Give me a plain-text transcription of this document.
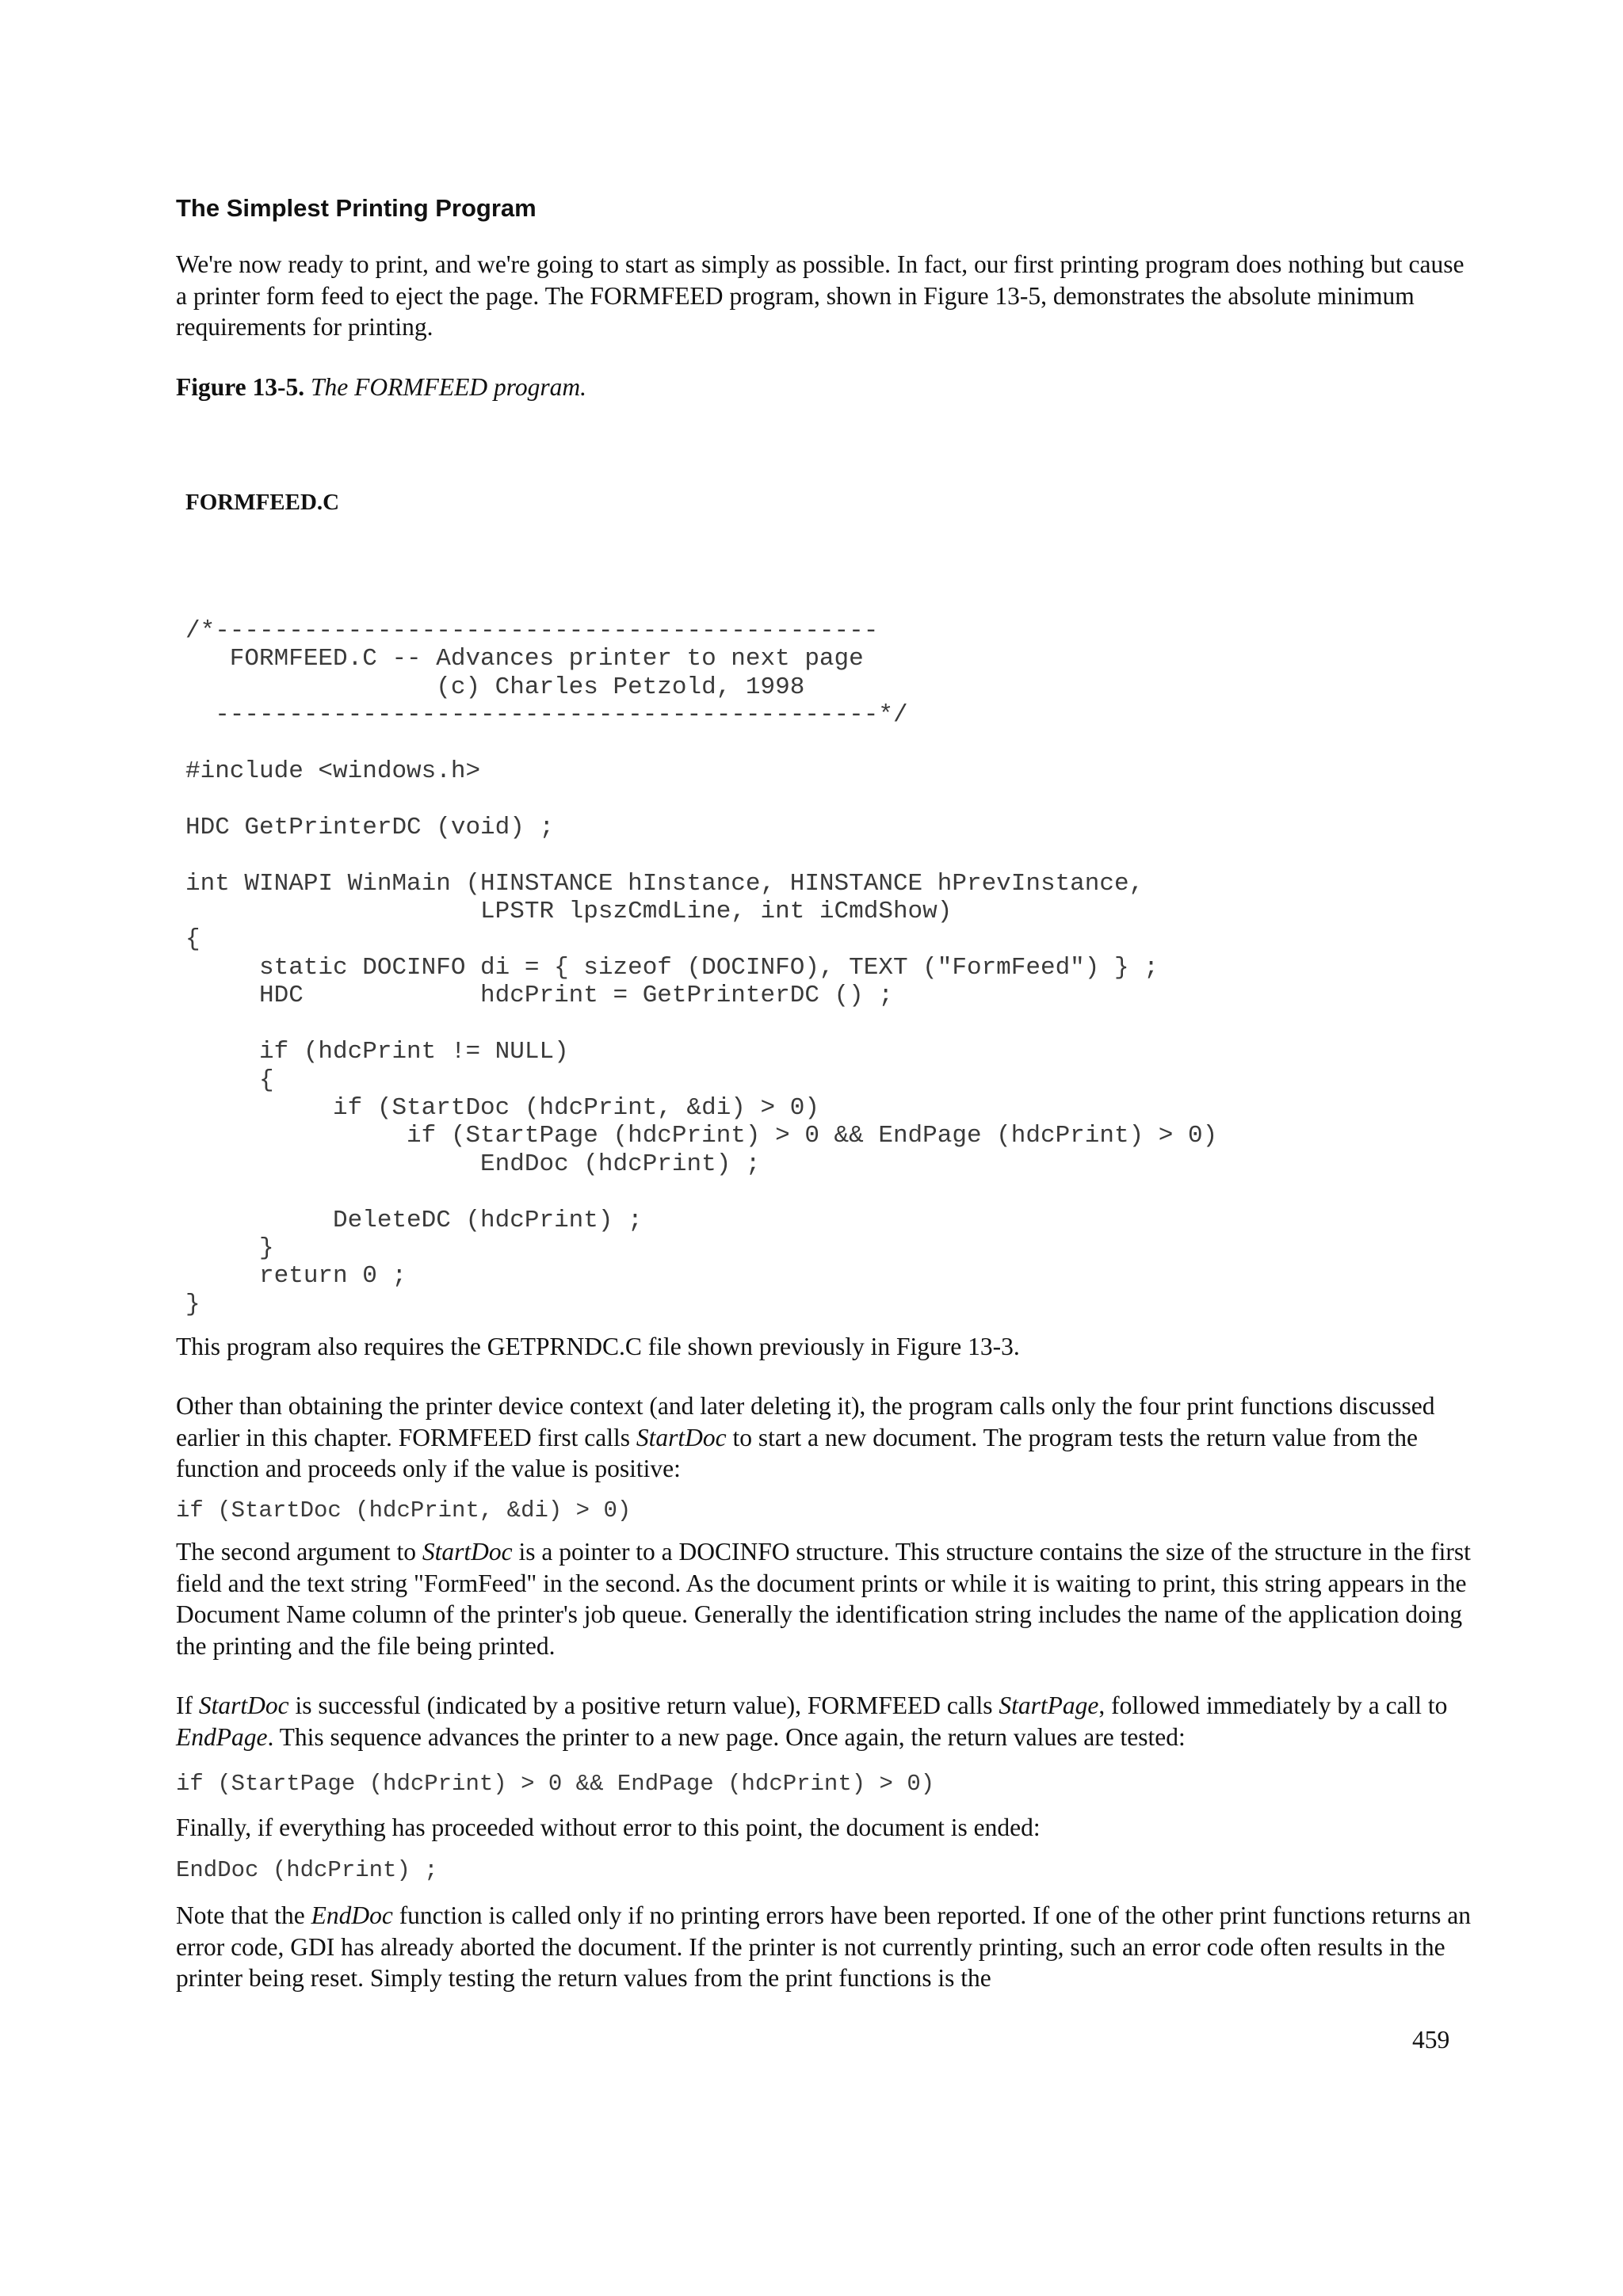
The Simplest Printing Program

We're now ready to print, and we're going to start as simply as possible. In fact, our first printing program does nothing but cause a printer form feed to eject the page. The FORMFEED program, shown in Figure 13-5, demonstrates the absolute minimum requirements for printing.

Figure 13-5. The FORMFEED program.

FORMFEED.C

/*---------------------------------------------
FORMFEED.C -- Advances printer to next page
(c) Charles Petzold, 1998
---------------------------------------------*/

#include <windows.h>

HDC GetPrinterDC (void) ;

int WINAPI WinMain (HINSTANCE hInstance, HINSTANCE hPrevInstance,
LPSTR lpszCmdLine, int iCmdShow)
{
static DOCINFO di = { sizeof (DOCINFO), TEXT ("FormFeed") } ;
HDC            hdcPrint = GetPrinterDC () ;

if (hdcPrint != NULL)
{
if (StartDoc (hdcPrint, &di) > 0)
if (StartPage (hdcPrint) > 0 && EndPage (hdcPrint) > 0)
EndDoc (hdcPrint) ;

DeleteDC (hdcPrint) ;
}
return 0 ;
}

This program also requires the GETPRNDC.C file shown previously in Figure 13-3.

Other than obtaining the printer device context (and later deleting it), the program calls only the four print functions discussed earlier in this chapter. FORMFEED first calls StartDoc to start a new document. The program tests the return value from the function and proceeds only if the value is positive:

if (StartDoc (hdcPrint, &di) > 0)

The second argument to StartDoc is a pointer to a DOCINFO structure. This structure contains the size of the structure in the first field and the text string "FormFeed" in the second. As the document prints or while it is waiting to print, this string appears in the Document Name column of the printer's job queue. Generally the identification string includes the name of the application doing the printing and the file being printed.

If StartDoc is successful (indicated by a positive return value), FORMFEED calls StartPage, followed immediately by a call to EndPage. This sequence advances the printer to a new page. Once again, the return values are tested:

if (StartPage (hdcPrint) > 0 && EndPage (hdcPrint) > 0)

Finally, if everything has proceeded without error to this point, the document is ended:

EndDoc (hdcPrint) ;

Note that the EndDoc function is called only if no printing errors have been reported. If one of the other print functions returns an error code, GDI has already aborted the document. If the printer is not currently printing, such an error code often results in the printer being reset. Simply testing the return values from the print functions is the

459
